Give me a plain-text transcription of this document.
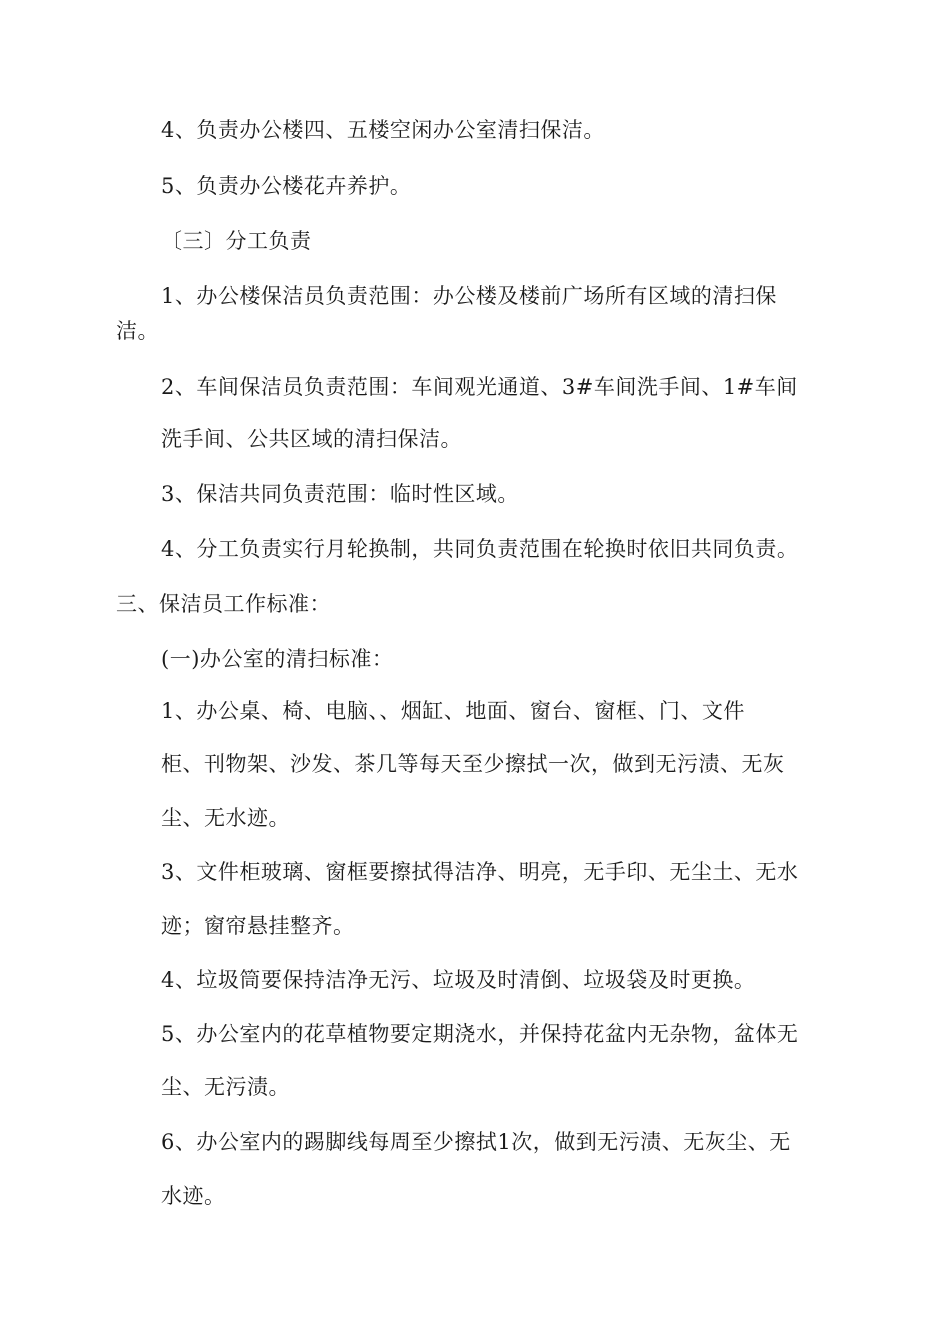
4、负责办公楼四、五楼空闲办公室清扫保洁。
5、负责办公楼花卉养护。
〔三〕分工负责
1、办公楼保洁员负责范围：办公楼及楼前广场所有区域的清扫保
洁。
2、车间保洁员负责范围：车间观光通道、3#车间洗手间、1#车间
洗手间、公共区域的清扫保洁。
3、保洁共同负责范围：临时性区域。
4、分工负责实行月轮换制，共同负责范围在轮换时依旧共同负责。
三、保洁员工作标准：
(一)办公室的清扫标准：
1、办公桌、椅、电脑、、烟缸、地面、窗台、窗框、门、文件
柜、刊物架、沙发、茶几等每天至少擦拭一次，做到无污渍、无灰
尘、无水迹。
3、文件柜玻璃、窗框要擦拭得洁净、明亮，无手印、无尘土、无水
迹；窗帘悬挂整齐。
4、垃圾筒要保持洁净无污、垃圾及时清倒、垃圾袋及时更换。
5、办公室内的花草植物要定期浇水，并保持花盆内无杂物，盆体无
尘、无污渍。
6、办公室内的踢脚线每周至少擦拭1次，做到无污渍、无灰尘、无
水迹。
